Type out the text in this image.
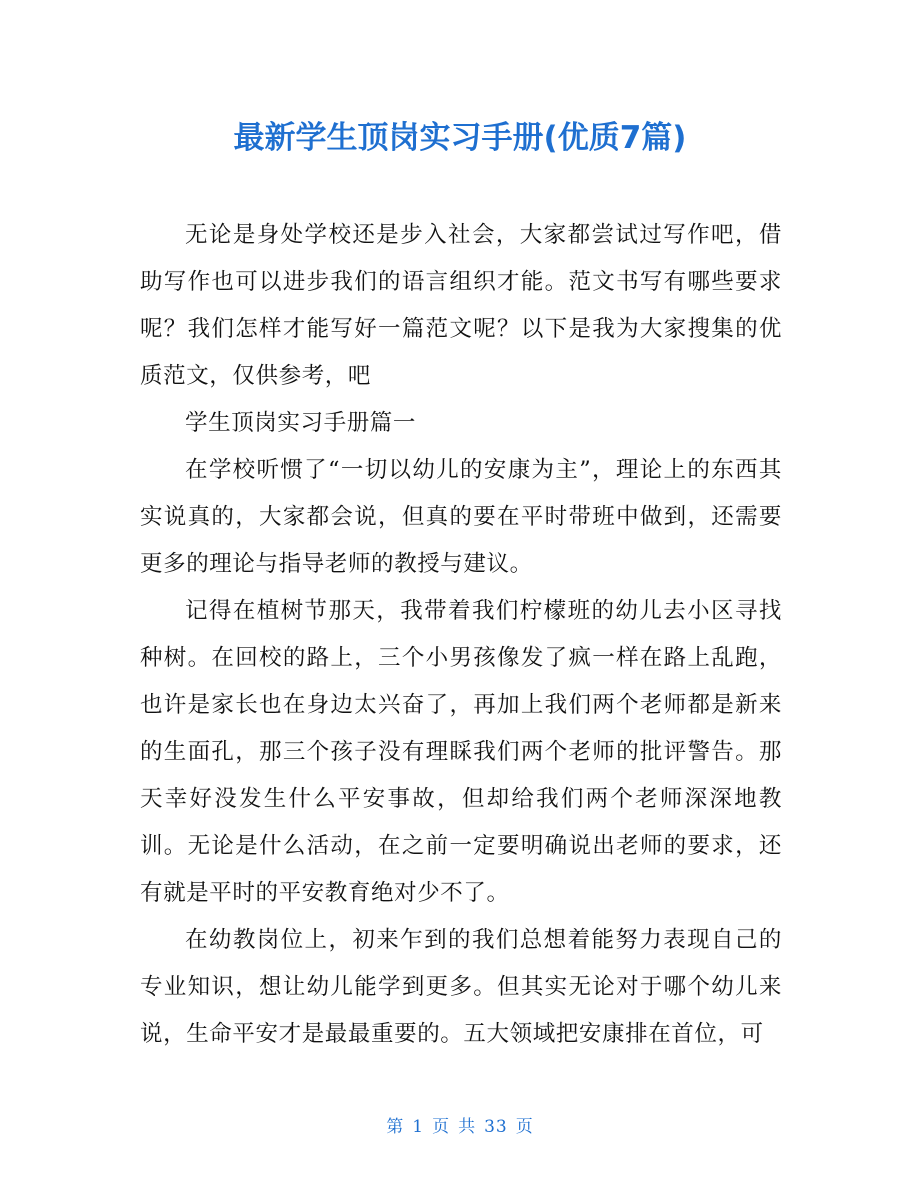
最新学生顶岗实习手册(优质7篇)

无论是身处学校还是步入社会，大家都尝试过写作吧，借助写作也可以进步我们的语言组织才能。范文书写有哪些要求呢？我们怎样才能写好一篇范文呢？以下是我为大家搜集的优质范文，仅供参考，吧

学生顶岗实习手册篇一

在学校听惯了“一切以幼儿的安康为主”，理论上的东西其实说真的，大家都会说，但真的要在平时带班中做到，还需要更多的理论与指导老师的教授与建议。

记得在植树节那天，我带着我们柠檬班的幼儿去小区寻找种树。在回校的路上，三个小男孩像发了疯一样在路上乱跑，也许是家长也在身边太兴奋了，再加上我们两个老师都是新来的生面孔，那三个孩子没有理睬我们两个老师的批评警告。那天幸好没发生什么平安事故，但却给我们两个老师深深地教训。无论是什么活动，在之前一定要明确说出老师的要求，还有就是平时的平安教育绝对少不了。

在幼教岗位上，初来乍到的我们总想着能努力表现自己的专业知识，想让幼儿能学到更多。但其实无论对于哪个幼儿来说，生命平安才是最最重要的。五大领域把安康排在首位，可

第 1 页 共 33 页
